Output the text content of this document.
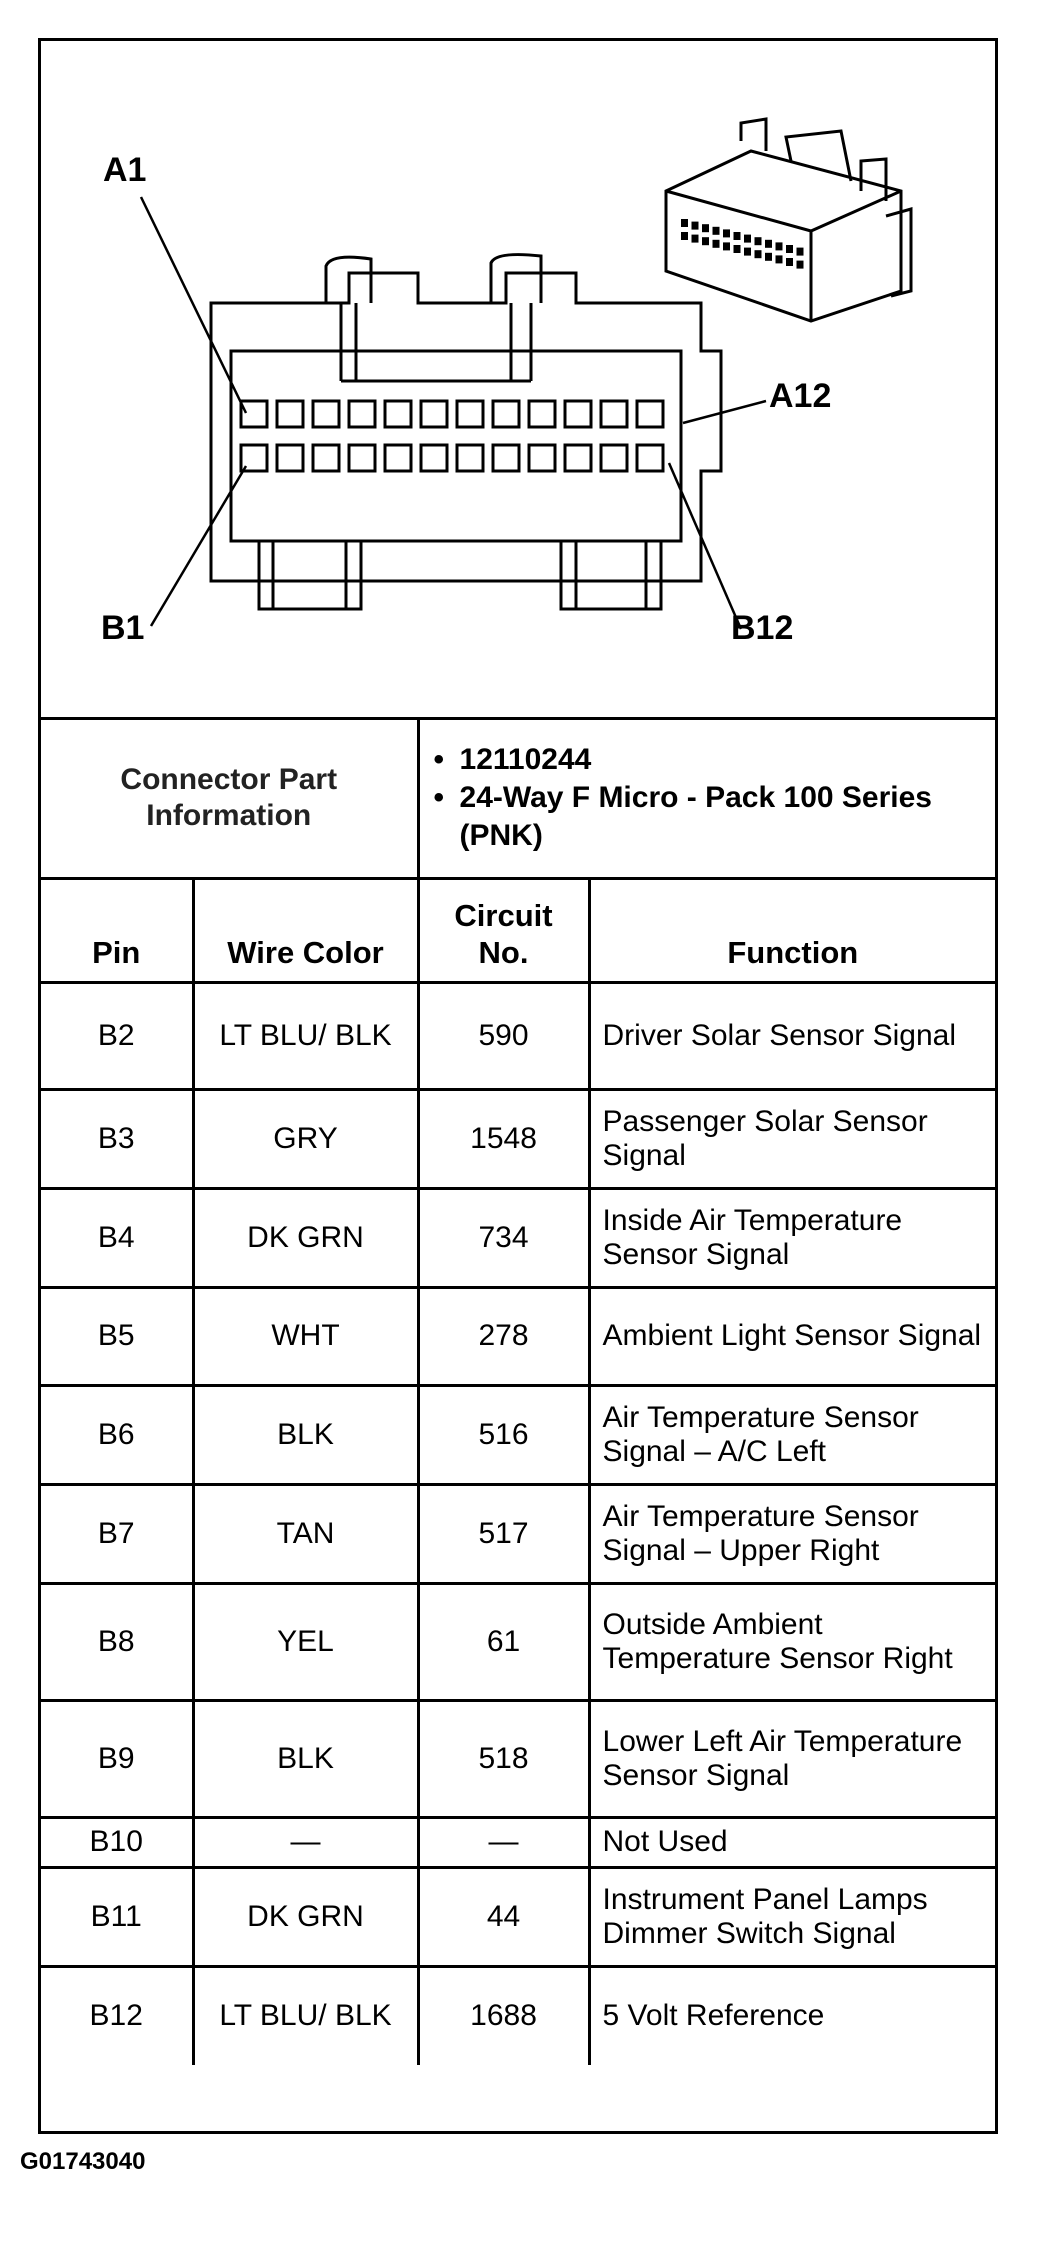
A1
A12
B1	B12
Connector Part Information		• 12110244
• 24-Way F Micro - Pack 100 Series (PNK)	

Pin	Wire Color	Circuit No.	Function
B2	LT BLU/ BLK	590	Driver Solar Sensor Signal
B3	GRY	1548	Passenger Solar Sensor Signal
B4	DK GRN	734	Inside Air Temperature Sensor Signal
B5	WHT	278	Ambient Light Sensor Signal
B6	BLK	516	Air Temperature Sensor Signal – A/C Left
B7	TAN	517	Air Temperature Sensor Signal – Upper Right
B8	YEL	61	Outside Ambient Temperature Sensor Right
B9	BLK	518	Lower Left Air Temperature Sensor Signal
B10	—	—	Not Used
B11	DK GRN	44	Instrument Panel Lamps Dimmer Switch Signal
B12	LT BLU/ BLK	1688	5 Volt Reference
G01743040
